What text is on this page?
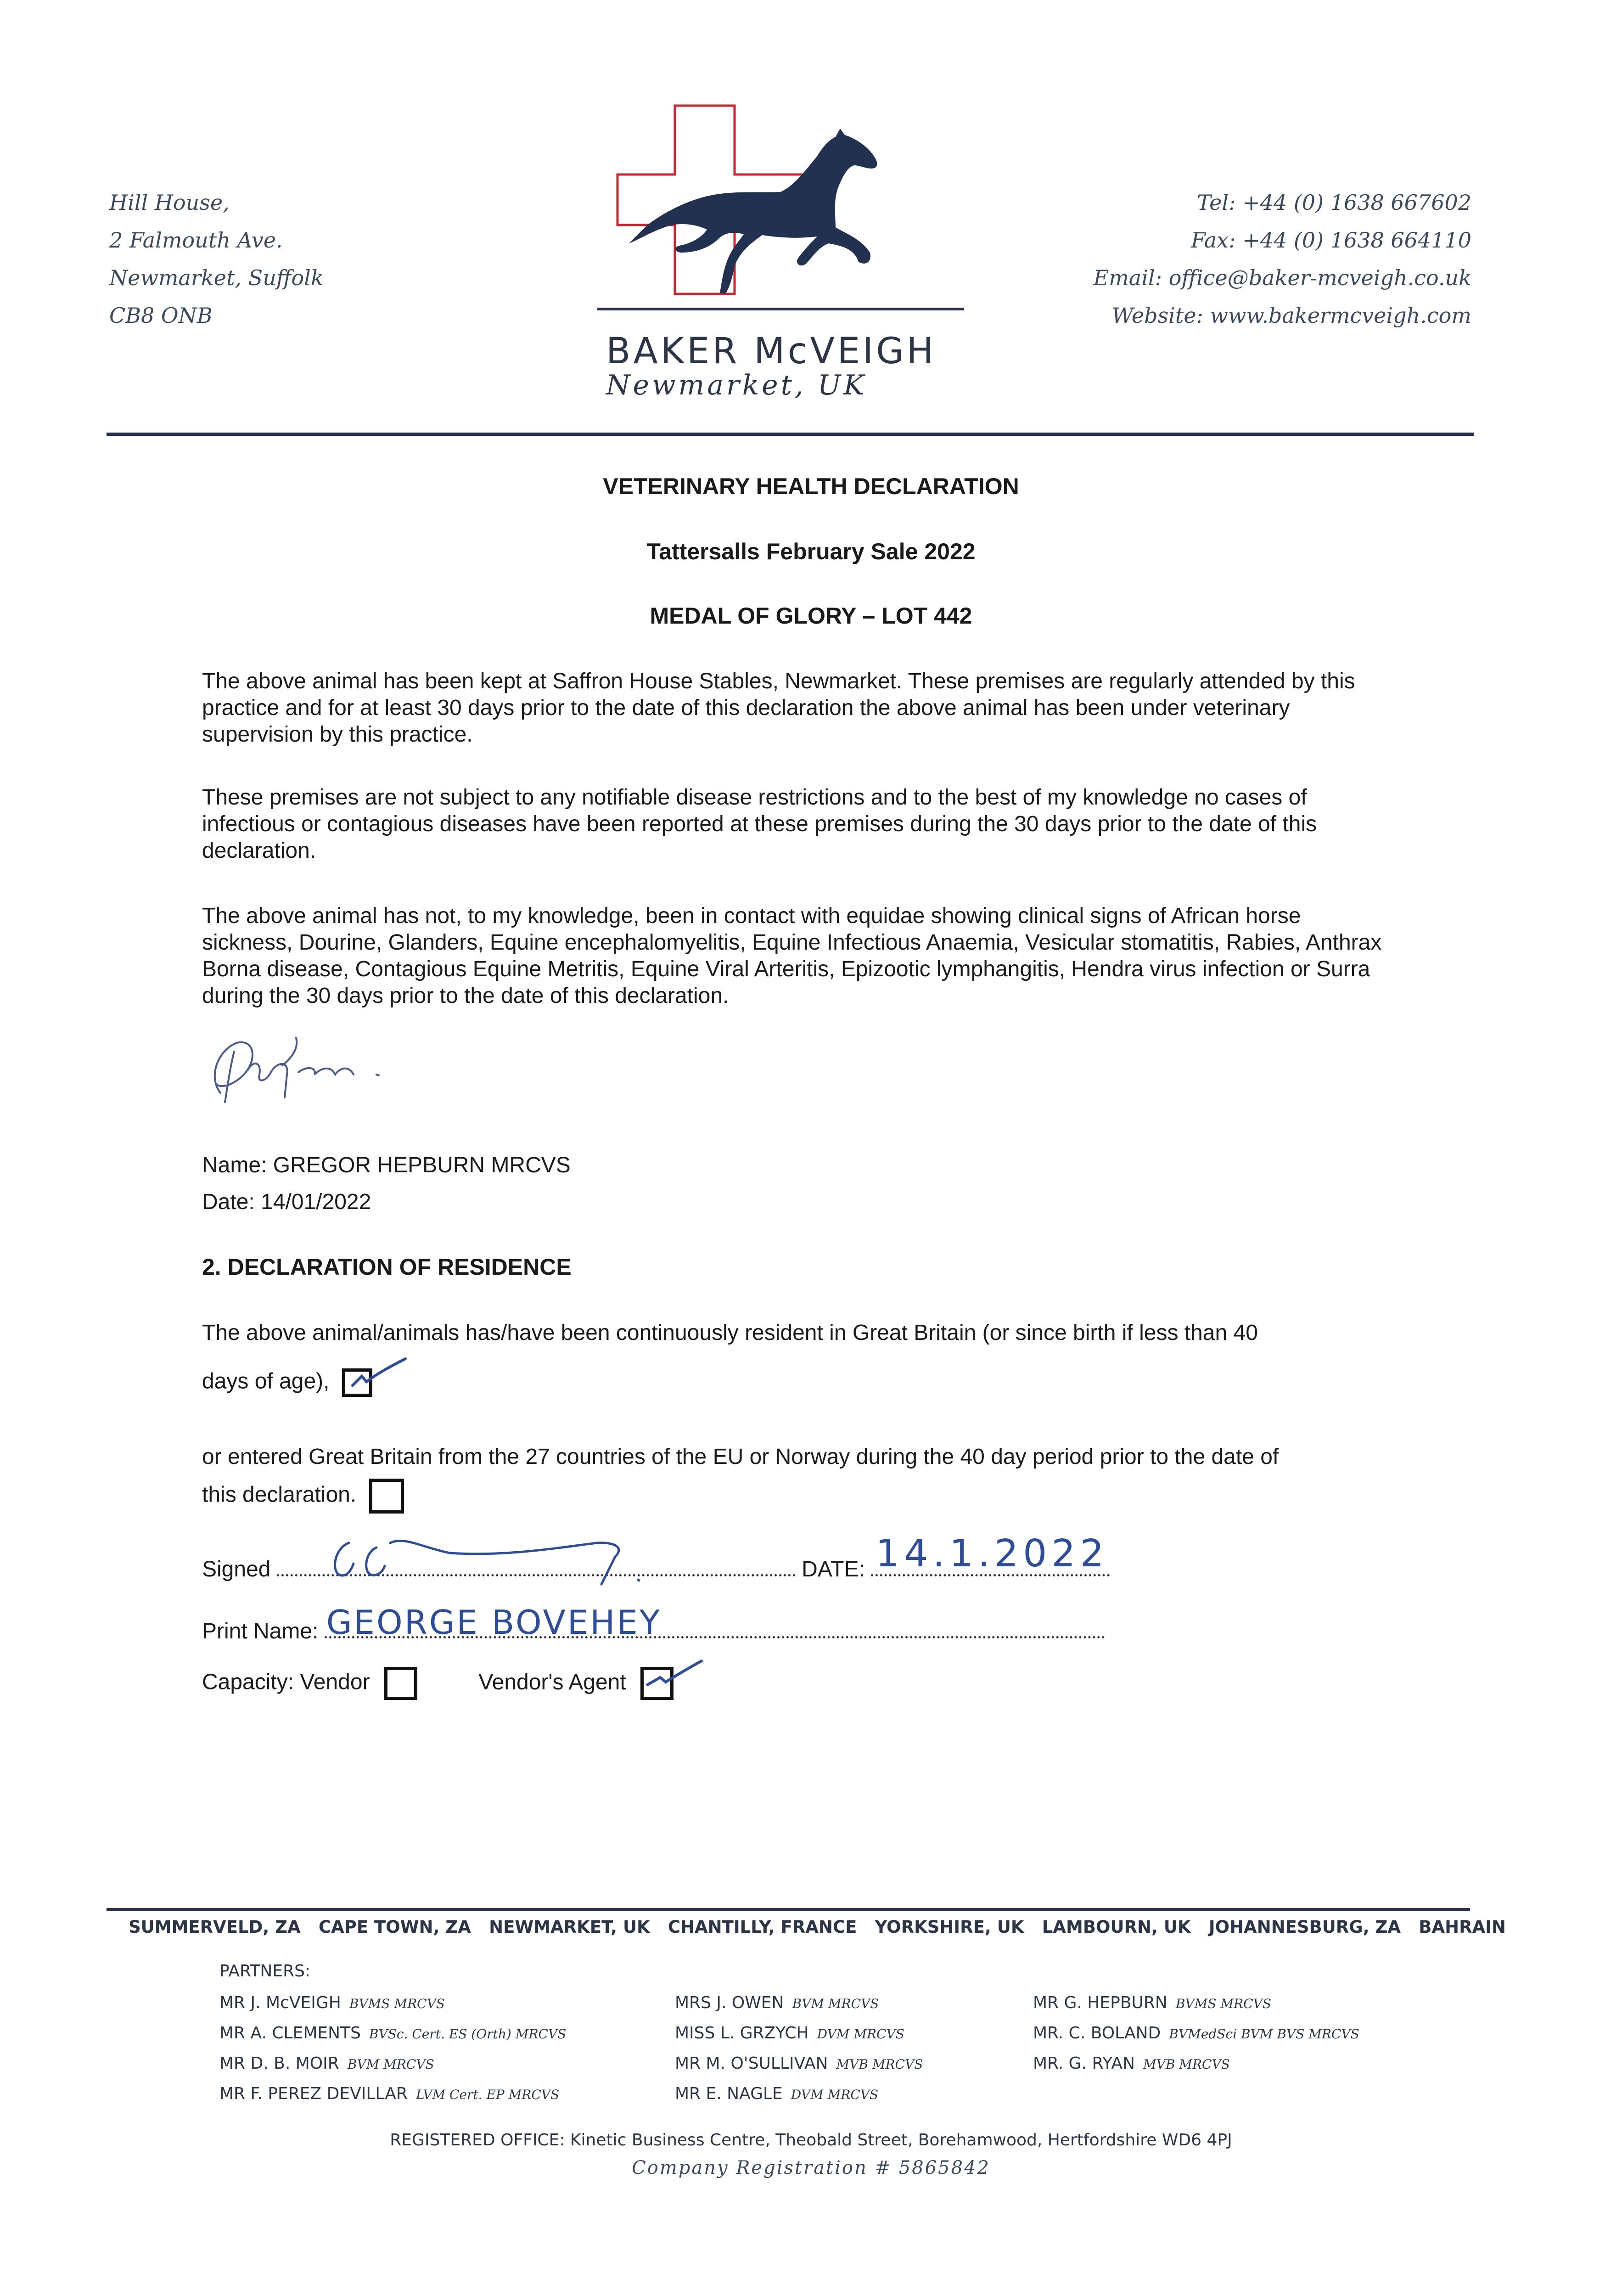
Hill House,
2 Falmouth Ave.
Newmarket, Suffolk
CB8 ONB
Tel: +44 (0) 1638 667602
Fax: +44 (0) 1638 664110
Email: office@baker-mcveigh.co.uk
Website: www.bakermcveigh.com
BAKER McVEIGH
Newmarket, UK
VETERINARY HEALTH DECLARATION
Tattersalls February Sale 2022
MEDAL OF GLORY – LOT 442
The above animal has been kept at Saffron House Stables, Newmarket. These premises are regularly attended by this practice and for at least 30 days prior to the date of this declaration the above animal has been under veterinary supervision by this practice.
These premises are not subject to any notifiable disease restrictions and to the best of my knowledge no cases of infectious or contagious diseases have been reported at these premises during the 30 days prior to the date of this declaration.
The above animal has not, to my knowledge, been in contact with equidae showing clinical signs of African horse sickness, Dourine, Glanders, Equine encephalomyelitis, Equine Infectious Anaemia, Vesicular stomatitis, Rabies, Anthrax Borna disease, Contagious Equine Metritis, Equine Viral Arteritis, Epizootic lymphangitis, Hendra virus infection or Surra during the 30 days prior to the date of this declaration.
Name: GREGOR HEPBURN MRCVS
Date: 14/01/2022
2. DECLARATION OF RESIDENCE
The above animal/animals has/have been continuously resident in Great Britain (or since birth if less than 40
days of age),
or entered Great Britain from the 27 countries of the EU or Norway during the 40 day period prior to the date of
this declaration.
Signed	DATE: 14.1.2022
Print Name: GEORGE BOVEHEY
Capacity: Vendor	Vendor's Agent
SUMMERVELD, ZA CAPE TOWN, ZA NEWMARKET, UK CHANTILLY, FRANCE YORKSHIRE, UK LAMBOURN, UK JOHANNESBURG, ZA BAHRAIN
PARTNERS:
MR J. McVEIGH BVMS MRCVS
MR A. CLEMENTS BVSc. Cert. ES (Orth) MRCVS
MR D. B. MOIR BVM MRCVS
MR F. PEREZ DEVILLAR LVM Cert. EP MRCVS
MRS J. OWEN BVM MRCVS
MISS L. GRZYCH DVM MRCVS
MR M. O'SULLIVAN MVB MRCVS
MR E. NAGLE DVM MRCVS
MR G. HEPBURN BVMS MRCVS
MR. C. BOLAND BVMedSci BVM BVS MRCVS
MR. G. RYAN MVB MRCVS
REGISTERED OFFICE: Kinetic Business Centre, Theobald Street, Borehamwood, Hertfordshire WD6 4PJ
Company Registration # 5865842
